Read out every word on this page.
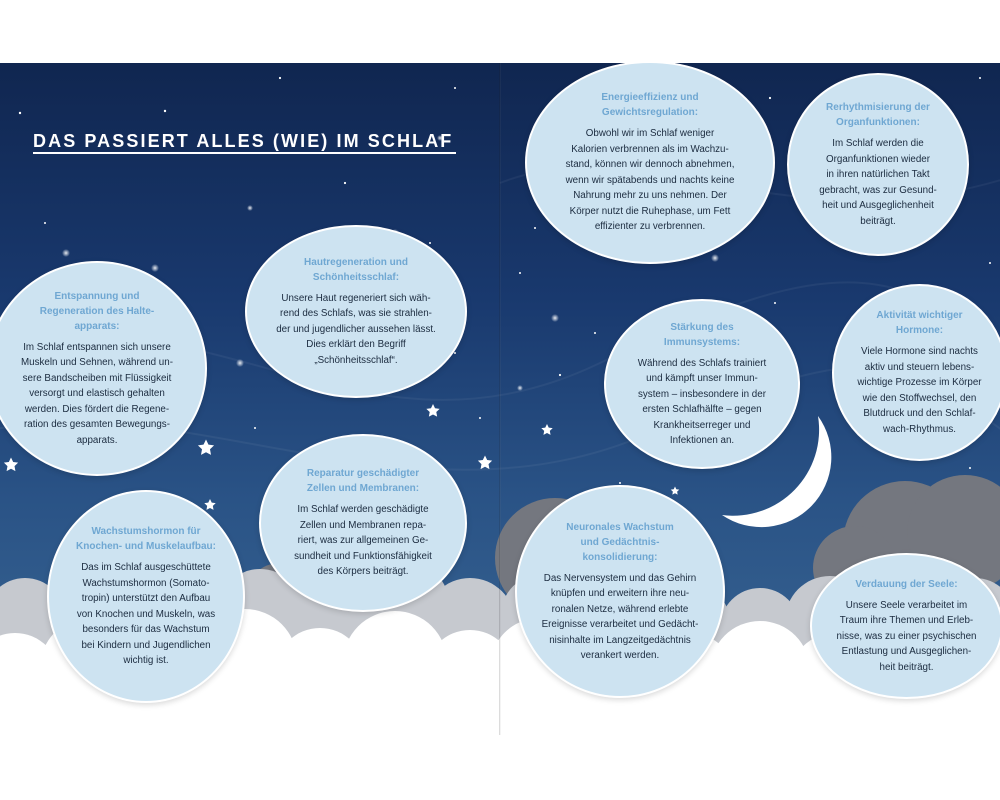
DAS PASSIERT ALLES (WIE) IM SCHLAF
Entspannung und
Regeneration des Halte-
apparats:

Im Schlaf entspannen sich unsere
Muskeln und Sehnen, während un-
sere Bandscheiben mit Flüssigkeit
versorgt und elastisch gehalten
werden. Dies fördert die Regene-
ration des gesamten Bewegungs-
apparats.

Hautregeneration und
Schönheitsschlaf:

Unsere Haut regeneriert sich wäh-
rend des Schlafs, was sie strahlen-
der und jugendlicher aussehen lässt.
Dies erklärt den Begriff
„Schönheitsschlaf“.

Reparatur geschädigter
Zellen und Membranen:

Im Schlaf werden geschädigte
Zellen und Membranen repa-
riert, was zur allgemeinen Ge-
sundheit und Funktionsfähigkeit
des Körpers beiträgt.

Wachstumshormon für
Knochen- und Muskelaufbau:

Das im Schlaf ausgeschüttete
Wachstumshormon (Somato-
tropin) unterstützt den Aufbau
von Knochen und Muskeln, was
besonders für das Wachstum
bei Kindern und Jugendlichen
wichtig ist.

Energieeffizienz und
Gewichtsregulation:

Obwohl wir im Schlaf weniger
Kalorien verbrennen als im Wachzu-
stand, können wir dennoch abnehmen,
wenn wir spätabends und nachts keine
Nahrung mehr zu uns nehmen. Der
Körper nutzt die Ruhephase, um Fett
effizienter zu verbrennen.

Rerhythmisierung der
Organfunktionen:

Im Schlaf werden die
Organfunktionen wieder
in ihren natürlichen Takt
gebracht, was zur Gesund-
heit und Ausgeglichenheit
beiträgt.

Stärkung des
Immunsystems:

Während des Schlafs trainiert
und kämpft unser Immun-
system – insbesondere in der
ersten Schlafhälfte – gegen
Krankheitserreger und
Infektionen an.

Aktivität wichtiger
Hormone:

Viele Hormone sind nachts
aktiv und steuern lebens-
wichtige Prozesse im Körper
wie den Stoffwechsel, den
Blutdruck und den Schlaf-
wach-Rhythmus.

Neuronales Wachstum
und Gedächtnis-
konsolidierung:

Das Nervensystem und das Gehirn
knüpfen und erweitern ihre neu-
ronalen Netze, während erlebte
Ereignisse verarbeitet und Gedächt-
nisinhalte im Langzeitgedächtnis
verankert werden.

Verdauung der Seele:

Unsere Seele verarbeitet im
Traum ihre Themen und Erleb-
nisse, was zu einer psychischen
Entlastung und Ausgeglichen-
heit beiträgt.
